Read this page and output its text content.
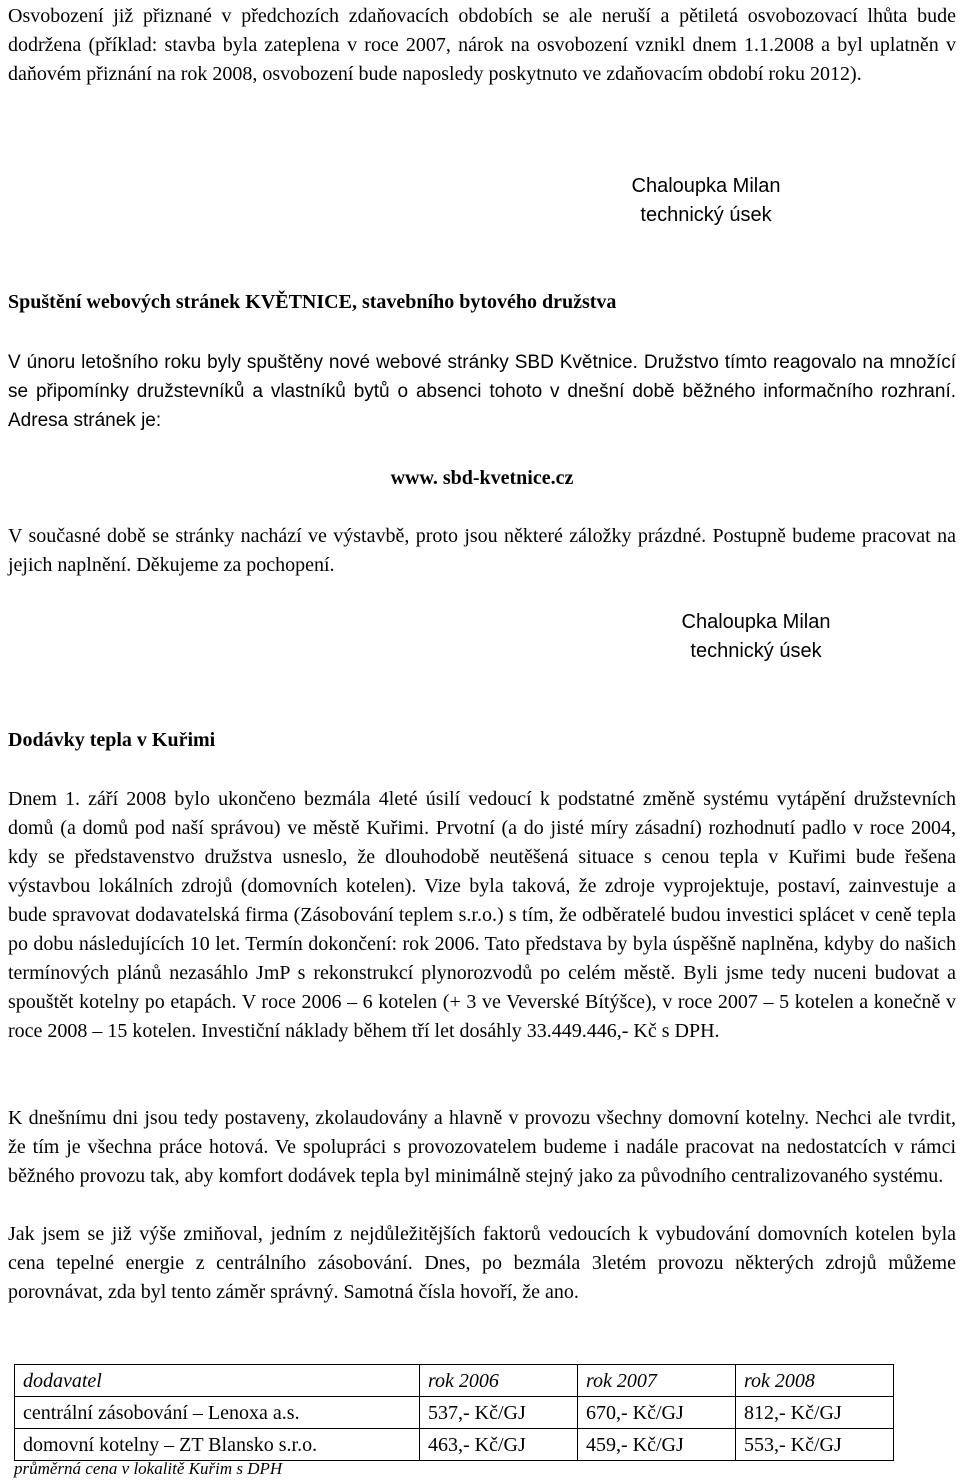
Osvobození již přiznané v předchozích zdaňovacích obdobích se ale neruší a pětiletá osvobozovací lhůta bude dodržena (příklad: stavba byla zateplena v roce 2007, nárok na osvobození vznikl dnem 1.1.2008 a byl uplatněn v daňovém přiznání na rok 2008, osvobození bude naposledy poskytnuto ve zdaňovacím období roku 2012).

Chaloupka Milan
technický úsek
Spuštění webových stránek KVĚTNICE, stavebního bytového družstva

V únoru letošního roku byly spuštěny nové webové stránky SBD Květnice. Družstvo tímto reagovalo na množící se připomínky družstevníků a vlastníků bytů o absenci tohoto v dnešní době běžného informačního rozhraní. Adresa stránek je:

www. sbd-kvetnice.cz

V současné době se stránky nachází ve výstavbě, proto jsou některé záložky prázdné. Postupně budeme pracovat na jejich naplnění. Děkujeme za pochopení.

Chaloupka Milan
technický úsek
Dodávky tepla v Kuřimi

Dnem 1. září 2008 bylo ukončeno bezmála 4leté úsilí vedoucí k podstatné změně systému vytápění družstevních domů (a domů pod naší správou) ve městě Kuřimi. Prvotní (a do jisté míry zásadní) rozhodnutí padlo v roce 2004, kdy se představenstvo družstva usneslo, že dlouhodobě neutěšená situace s cenou tepla v Kuřimi bude řešena výstavbou lokálních zdrojů (domovních kotelen). Vize byla taková, že zdroje vyprojektuje, postaví, zainvestuje a bude spravovat dodavatelská firma (Zásobování teplem s.r.o.) s tím, že odběratelé budou investici splácet v ceně tepla po dobu následujících 10 let. Termín dokončení: rok 2006. Tato představa by byla úspěšně naplněna, kdyby do našich termínových plánů nezasáhlo JmP s rekonstrukcí plynorozvodů po celém městě. Byli jsme tedy nuceni budovat a spouštět kotelny po etapách. V roce 2006 – 6 kotelen (+ 3 ve Veverské Bítýšce), v roce 2007 – 5 kotelen a konečně v roce 2008 – 15 kotelen. Investiční náklady během tří let dosáhly 33.449.446,- Kč s DPH.

K dnešnímu dni jsou tedy postaveny, zkolaudovány a hlavně v provozu všechny domovní kotelny. Nechci ale tvrdit, že tím je všechna práce hotová. Ve spolupráci s provozovatelem budeme i nadále pracovat na nedostatcích v rámci běžného provozu tak, aby komfort dodávek tepla byl minimálně stejný jako za původního centralizovaného systému.

Jak jsem se již výše zmiňoval, jedním z nejdůležitějších faktorů vedoucích k vybudování domovních kotelen byla cena tepelné energie z centrálního zásobování. Dnes, po bezmála 3letém provozu některých zdrojů můžeme porovnávat, zda byl tento záměr správný. Samotná čísla hovoří, že ano.

dodavatel	rok 2006	rok 2007	rok 2008
centrální zásobování – Lenoxa a.s.	537,- Kč/GJ	670,- Kč/GJ	812,- Kč/GJ
domovní kotelny – ZT Blansko s.r.o.	463,- Kč/GJ	459,- Kč/GJ	553,- Kč/GJ
průměrná cena v lokalitě Kuřim s DPH
